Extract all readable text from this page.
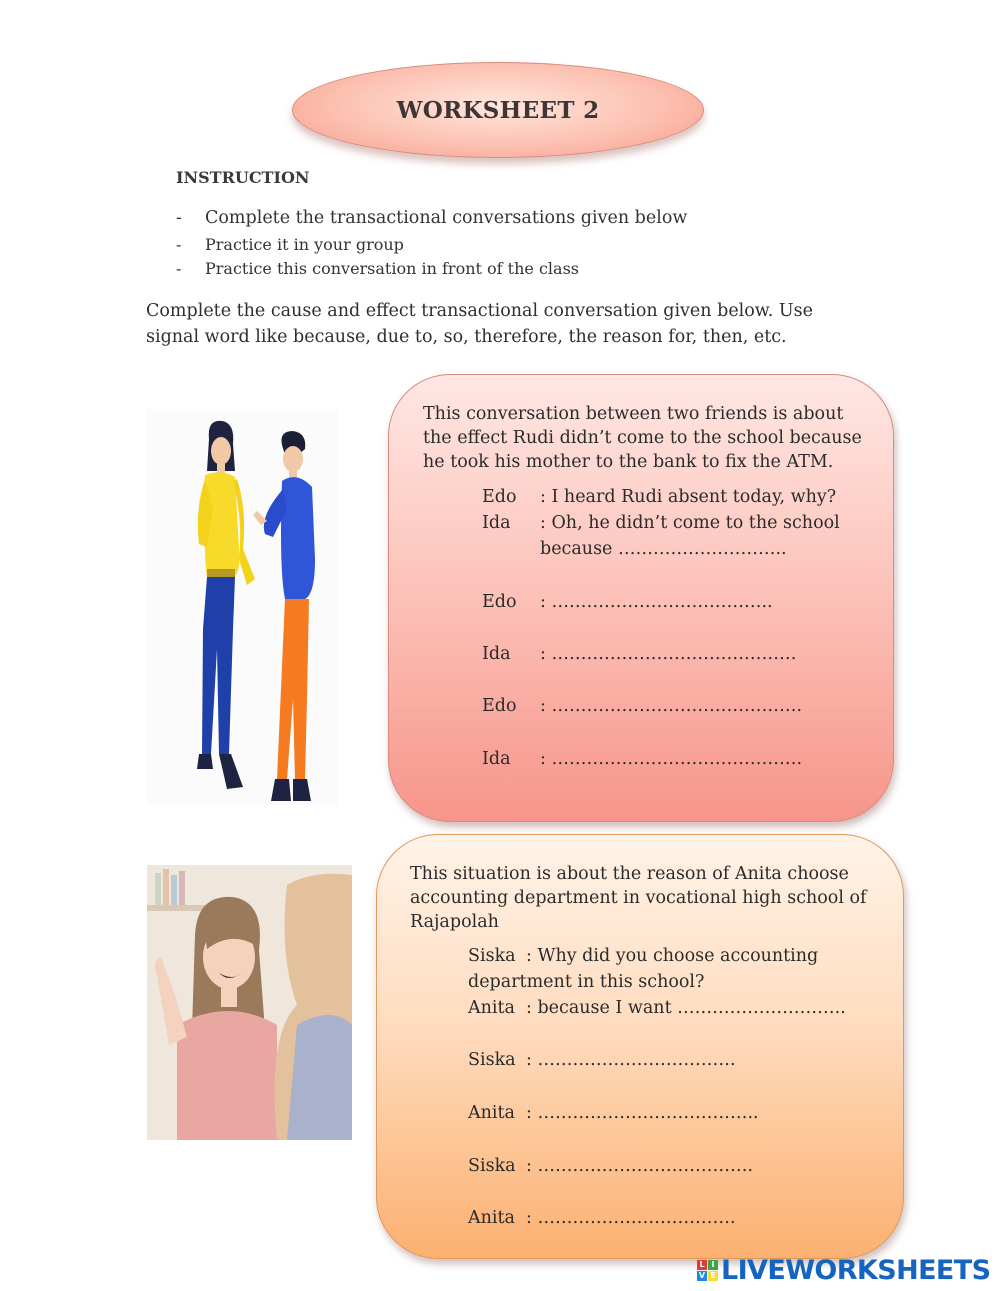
WORKSHEET 2
INSTRUCTION
-	Complete the transactional conversations given below
-	Practice it in your group
-	Practice this conversation in front of the class
Complete the cause and effect transactional conversation given below. Use signal word like because, due to, so, therefore, the reason for, then, etc.
This conversation between two friends is about the effect Rudi didn’t come to the school because he took his mother to the bank to fix the ATM.
Edo : I heard Rudi absent today, why?
Ida : Oh, he didn’t come to the school
because ………………………..
Edo : ………………………………..
Ida : ……………………………………
Edo : …………………………………….
Ida : …………………………………….
This situation is about the reason of Anita choose accounting department in vocational high school of Rajapolah
Siska : Why did you choose accounting
department in this school?
Anita : because I want ………………………..
Siska : …………………………….
Anita : ………………………………..
Siska : ……………………………….
Anita : …………………………….
L I
V E LIVEWORKSHEETS
